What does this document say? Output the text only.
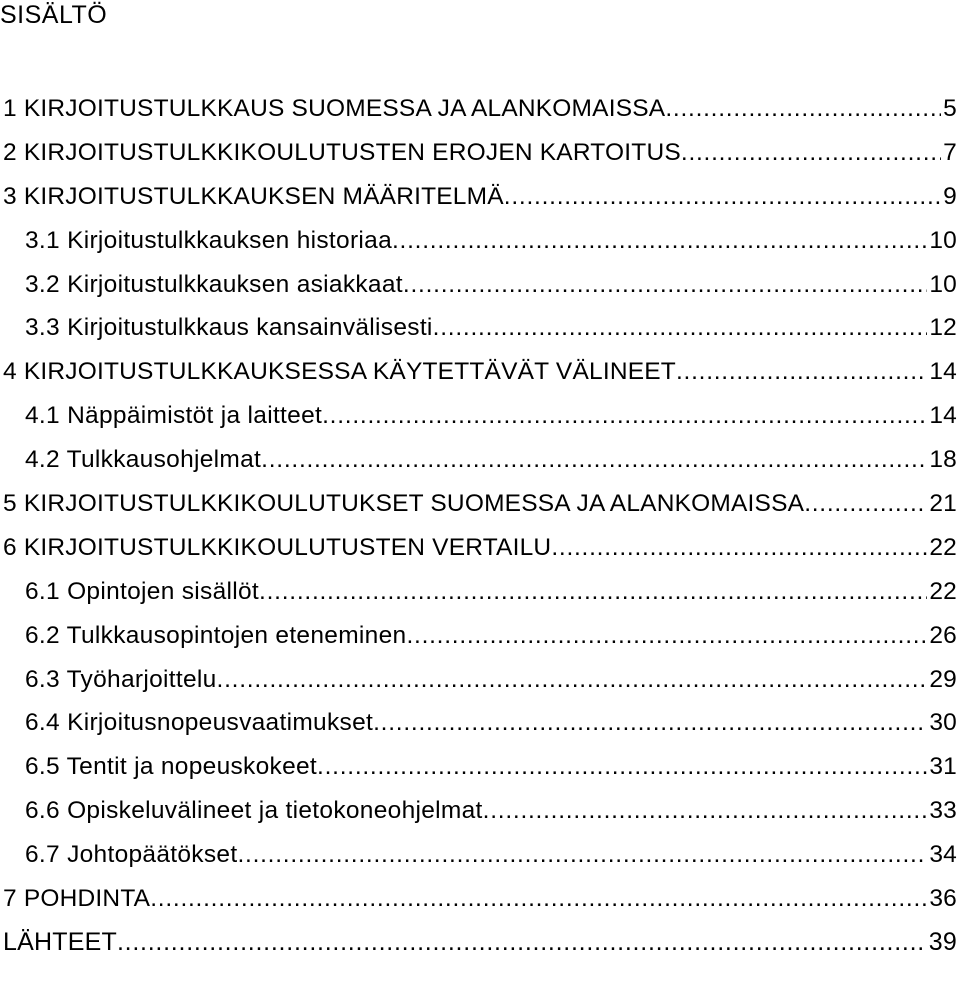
SISÄLTÖ
1 KIRJOITUSTULKKAUS SUOMESSA JA ALANKOMAISSA .....	5
2 KIRJOITUSTULKKIKOULUTUSTEN EROJEN KARTOITUS .....	7
3 KIRJOITUSTULKKAUKSEN MÄÄRITELMÄ .....	9
3.1 Kirjoitustulkkauksen historiaa .....	10
3.2 Kirjoitustulkkauksen asiakkaat .....	10
3.3 Kirjoitustulkkaus kansainvälisesti .....	12
4 KIRJOITUSTULKKAUKSESSA KÄYTETTÄVÄT VÄLINEET .....	14
4.1 Näppäimistöt ja laitteet .....	14
4.2 Tulkkausohjelmat .....	18
5 KIRJOITUSTULKKIKOULUTUKSET SUOMESSA JA ALANKOMAISSA .....	21
6 KIRJOITUSTULKKIKOULUTUSTEN VERTAILU .....	22
6.1 Opintojen sisällöt .....	22
6.2 Tulkkausopintojen eteneminen .....	26
6.3 Työharjoittelu .....	29
6.4 Kirjoitusnopeusvaatimukset .....	30
6.5 Tentit ja nopeuskokeet .....	31
6.6 Opiskeluvälineet ja tietokoneohjelmat .....	33
6.7 Johtopäätökset .....	34
7 POHDINTA .....	36
LÄHTEET .....	39
